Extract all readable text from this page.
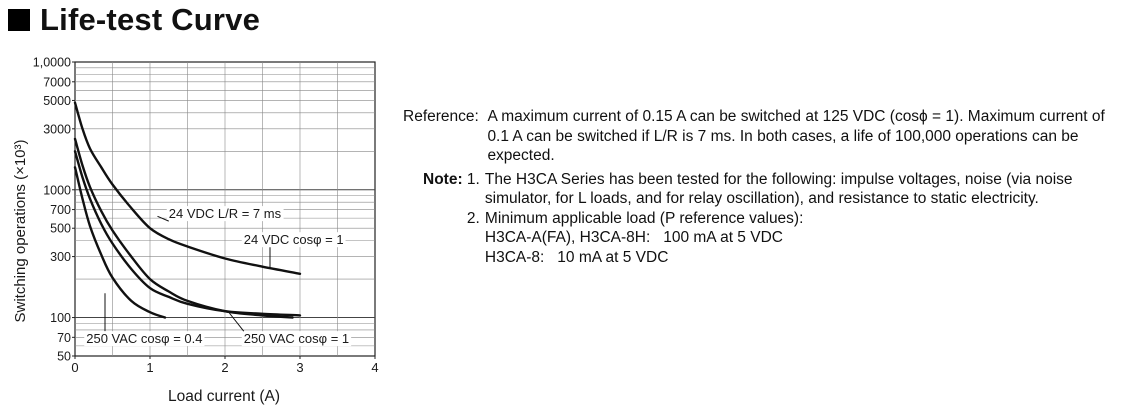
Life-test Curve
24 VDC L/R = 7 ms
24 VDC cosφ = 1
250 VAC cosφ = 0.4	250 VAC cosφ = 1
1,0000
7000
5000
3000
1000
700
500
300
100
70
50
0	1	2	3	4
Load current (A)
Switching operations (×10³)
Reference: A maximum current of 0.15 A can be switched at 125 VDC (cosϕ = 1). Maximum current of 0.1 A can be switched if L/R is 7 ms. In both cases, a life of 100,000 operations can be expected.
Note: 1. The H3CA Series has been tested for the following: impulse voltages, noise (via noise simulator, for L loads, and for relay oscillation), and resistance to static electricity.
2. Minimum applicable load (P reference values):
H3CA-A(FA), H3CA-8H:   100 mA at 5 VDC
H3CA-8:   10 mA at 5 VDC
